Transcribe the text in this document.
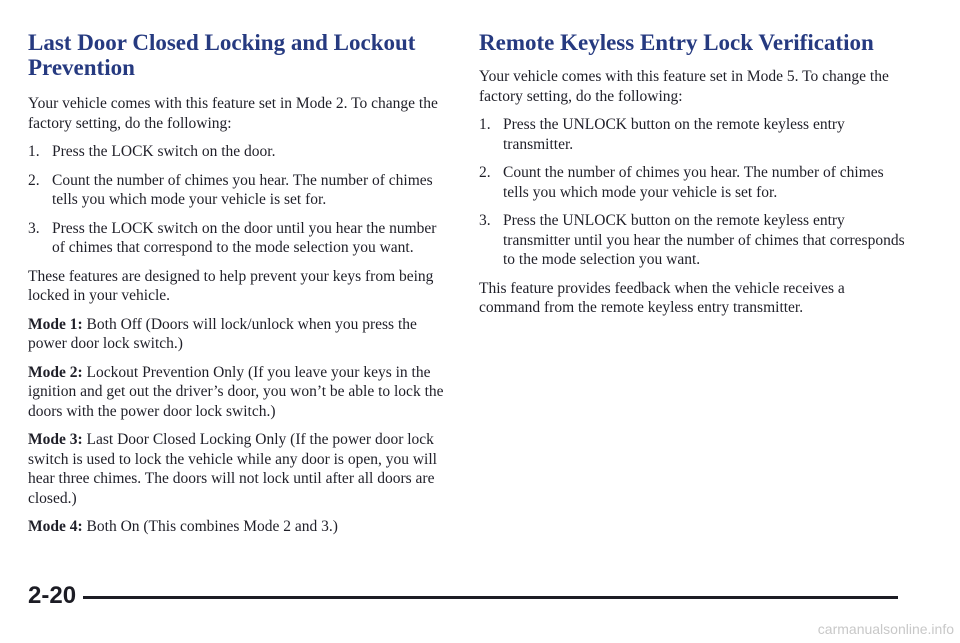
Last Door Closed Locking and Lockout Prevention

Your vehicle comes with this feature set in Mode 2. To change the factory setting, do the following:

1. Press the LOCK switch on the door.
2. Count the number of chimes you hear. The number of chimes tells you which mode your vehicle is set for.
3. Press the LOCK switch on the door until you hear the number of chimes that correspond to the mode selection you want.

These features are designed to help prevent your keys from being locked in your vehicle.

Mode 1: Both Off (Doors will lock/unlock when you press the power door lock switch.)

Mode 2: Lockout Prevention Only (If you leave your keys in the ignition and get out the driver’s door, you won’t be able to lock the doors with the power door lock switch.)

Mode 3: Last Door Closed Locking Only (If the power door lock switch is used to lock the vehicle while any door is open, you will hear three chimes. The doors will not lock until after all doors are closed.)

Mode 4: Both On (This combines Mode 2 and 3.)

Remote Keyless Entry Lock Verification

Your vehicle comes with this feature set in Mode 5. To change the factory setting, do the following:

1. Press the UNLOCK button on the remote keyless entry transmitter.
2. Count the number of chimes you hear. The number of chimes tells you which mode your vehicle is set for.
3. Press the UNLOCK button on the remote keyless entry transmitter until you hear the number of chimes that corresponds to the mode selection you want.

This feature provides feedback when the vehicle receives a command from the remote keyless entry transmitter.

2-20
carmanualsonline.info
